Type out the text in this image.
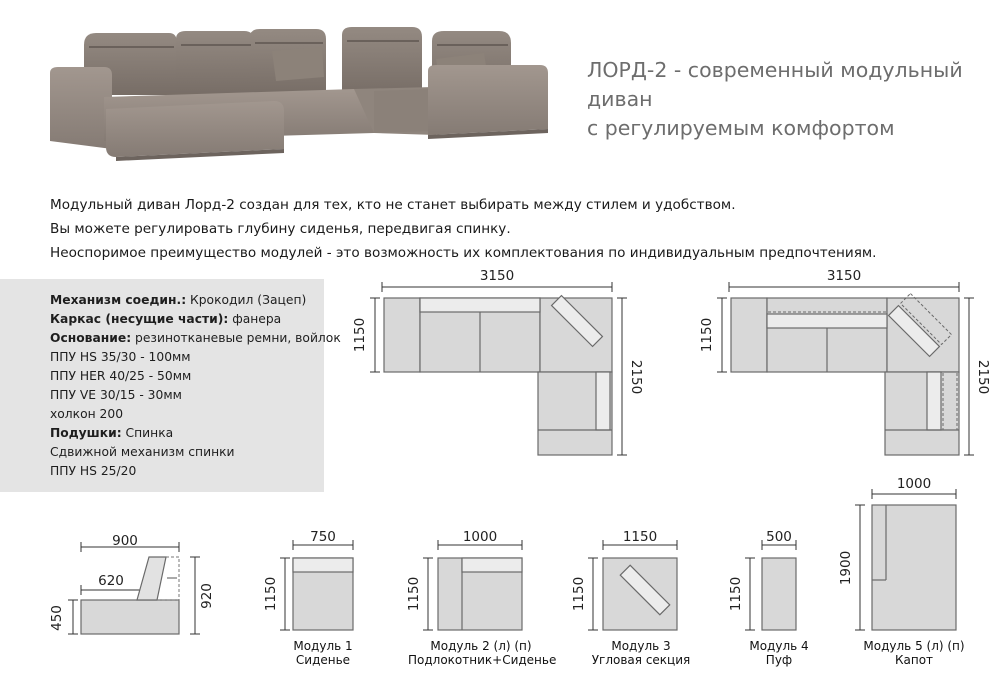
ЛОРД-2 - современный модульный диван
с регулируемым комфортом
Модульный диван Лорд-2 создан для тех, кто не станет выбирать между стилем и удобством.
Вы можете регулировать глубину сиденья, передвигая спинку.
Неоспоримое преимущество модулей - это возможность их комплектования по индивидуальным предпочтениям.
Механизм соедин.: Крокодил (Зацеп)
Каркас (несущие части): фанера
Основание: резинотканевые ремни, войлок
ППУ HS 35/30 - 100мм
ППУ HER 40/25 - 50мм
ППУ VE 30/15 - 30мм
холкон 200
Подушки: Спинка
Сдвижной механизм спинки
ППУ HS 25/20
3150
1150
2150
3150
1150
2150
900
620
920
450
750
1150
Модуль 1
Сиденье
1000
1150
Модуль 2 (л) (п)
Подлокотник+Сиденье
1150
1150
Модуль 3
Угловая секция
500
1150
Модуль 4
Пуф
1000
1900
Модуль 5 (л) (п)
Капот
